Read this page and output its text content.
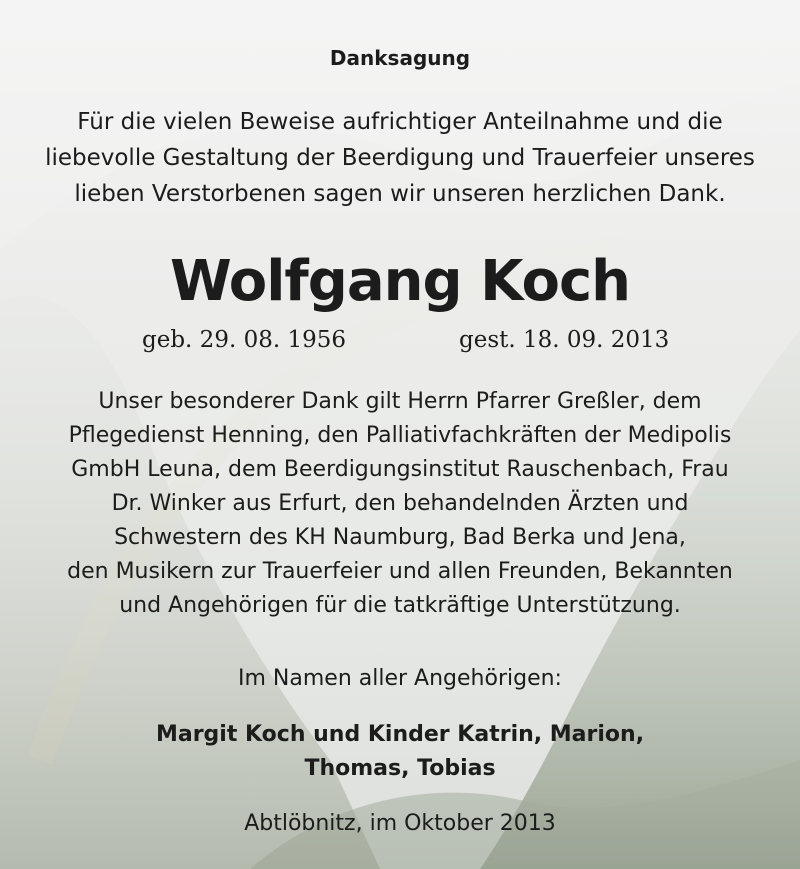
Danksagung
Für die vielen Beweise aufrichtiger Anteilnahme und die
liebevolle Gestaltung der Beerdigung und Trauerfeier unseres
lieben Verstorbenen sagen wir unseren herzlichen Dank.
Wolfgang Koch
geb. 29. 08. 1956	gest. 18. 09. 2013
Unser besonderer Dank gilt Herrn Pfarrer Greßler, dem
Pflegedienst Henning, den Palliativfachkräften der Medipolis
GmbH Leuna, dem Beerdigungsinstitut Rauschenbach, Frau
Dr. Winker aus Erfurt, den behandelnden Ärzten und
Schwestern des KH Naumburg, Bad Berka und Jena,
den Musikern zur Trauerfeier und allen Freunden, Bekannten
und Angehörigen für die tatkräftige Unterstützung.
Im Namen aller Angehörigen:
Margit Koch und Kinder Katrin, Marion,
Thomas, Tobias
Abtlöbnitz, im Oktober 2013
